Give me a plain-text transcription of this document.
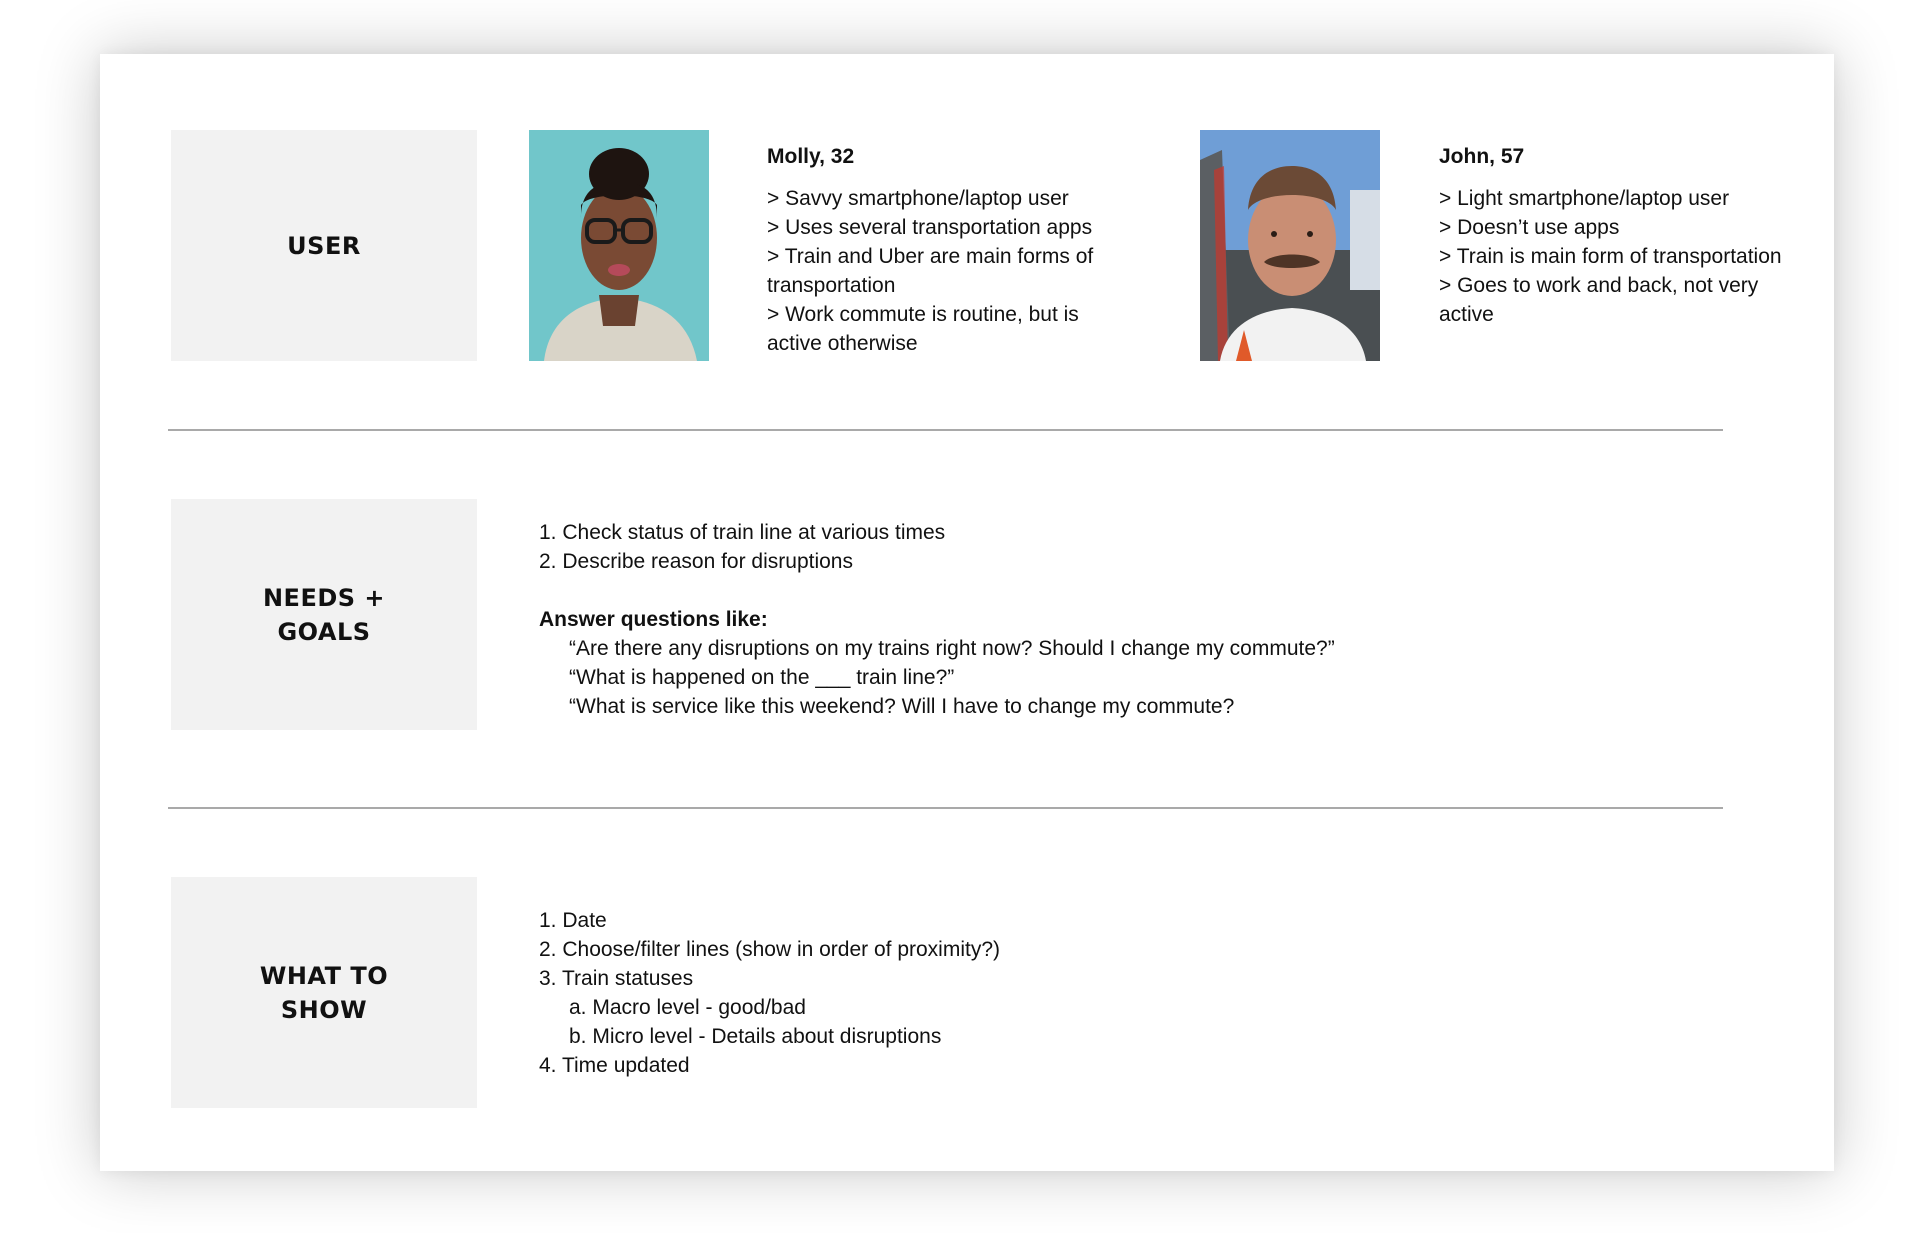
USER
Molly, 32
> Savvy smartphone/laptop user
> Uses several transportation apps
> Train and Uber are main forms of transportation
> Work commute is routine, but is active otherwise
John, 57
> Light smartphone/laptop user
> Doesn’t use apps
> Train is main form of transportation
> Goes to work and back, not very active
NEEDS +
GOALS
1. Check status of train line at various times
2. Describe reason for disruptions
Answer questions like:
“Are there any disruptions on my trains right now? Should I change my commute?”
“What is happened on the ___ train line?”
“What is service like this weekend? Will I have to change my commute?
WHAT TO
SHOW
1. Date
2. Choose/filter lines (show in order of proximity?)
3. Train statuses
a. Macro level - good/bad
b. Micro level - Details about disruptions
4. Time updated
